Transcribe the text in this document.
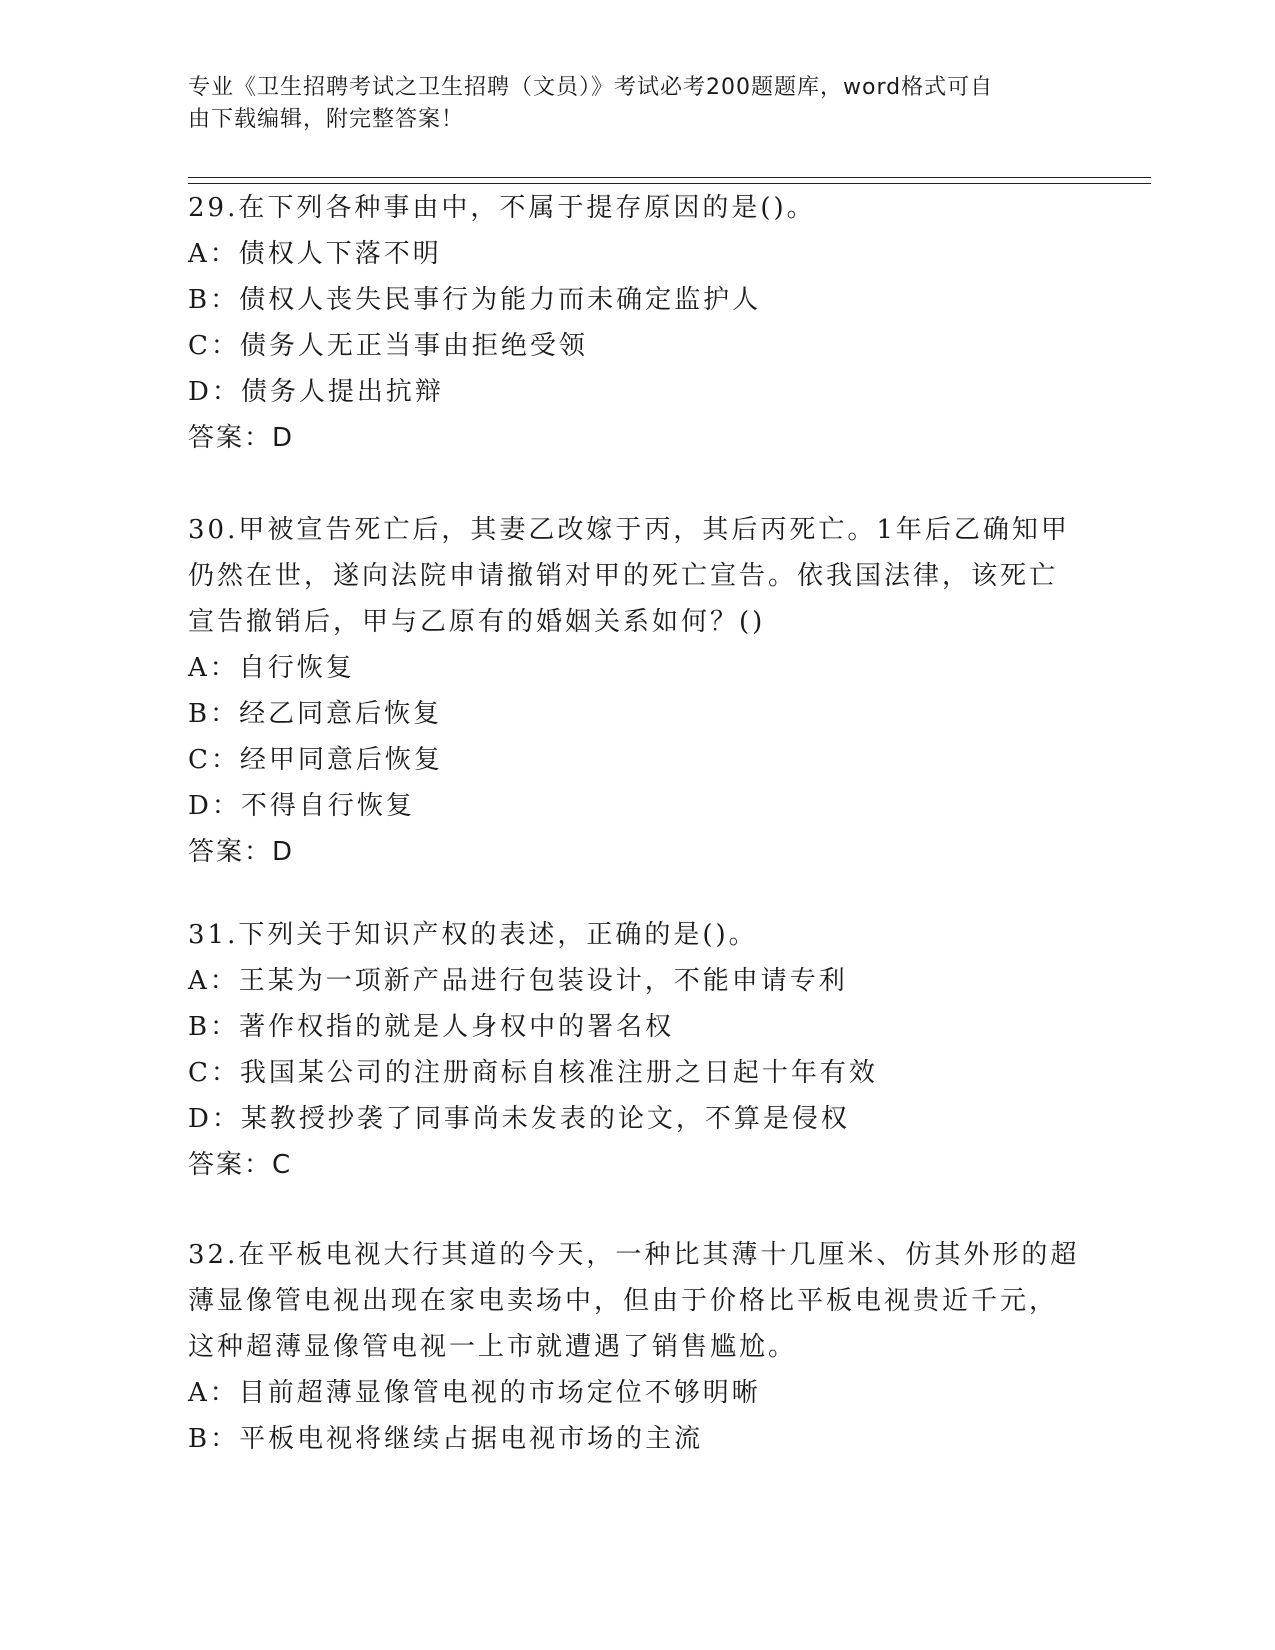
专业《卫生招聘考试之卫生招聘（文员）》考试必考200题题库，word格式可自
由下载编辑，附完整答案！
29.在下列各种事由中，不属于提存原因的是()。
A：债权人下落不明
B：债权人丧失民事行为能力而未确定监护人
C：债务人无正当事由拒绝受领
D：债务人提出抗辩
答案：D
30.甲被宣告死亡后，其妻乙改嫁于丙，其后丙死亡。1年后乙确知甲
仍然在世，遂向法院申请撤销对甲的死亡宣告。依我国法律，该死亡
宣告撤销后，甲与乙原有的婚姻关系如何？()
A：自行恢复
B：经乙同意后恢复
C：经甲同意后恢复
D：不得自行恢复
答案：D
31.下列关于知识产权的表述，正确的是()。
A：王某为一项新产品进行包装设计，不能申请专利
B：著作权指的就是人身权中的署名权
C：我国某公司的注册商标自核准注册之日起十年有效
D：某教授抄袭了同事尚未发表的论文，不算是侵权
答案：C
32.在平板电视大行其道的今天，一种比其薄十几厘米、仿其外形的超
薄显像管电视出现在家电卖场中，但由于价格比平板电视贵近千元，
这种超薄显像管电视一上市就遭遇了销售尴尬。
A：目前超薄显像管电视的市场定位不够明晰
B：平板电视将继续占据电视市场的主流
